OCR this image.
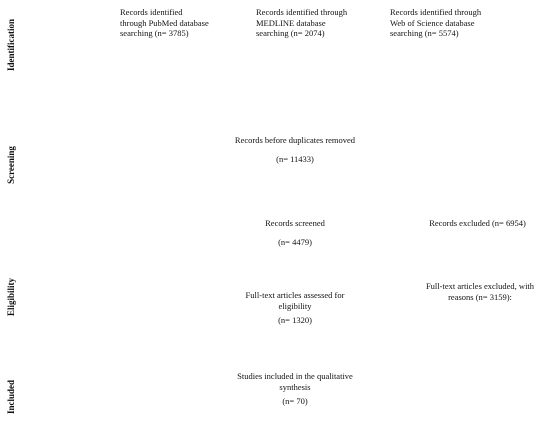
Identification
Screening
Eligibility
Included
Records identified
through PubMed database
searching (n= 3785)
Records identified through
MEDLINE database
searching (n= 2074)
Records identified through
Web of Science database
searching (n= 5574)
Records before duplicates removed
(n= 11433)
Records screened
(n= 4479)
Records excluded (n= 6954)
Full-text articles assessed for
eligibility
(n= 1320)
Full-text articles excluded, with
reasons (n= 3159):
Studies included in the qualitative
synthesis
(n= 70)
